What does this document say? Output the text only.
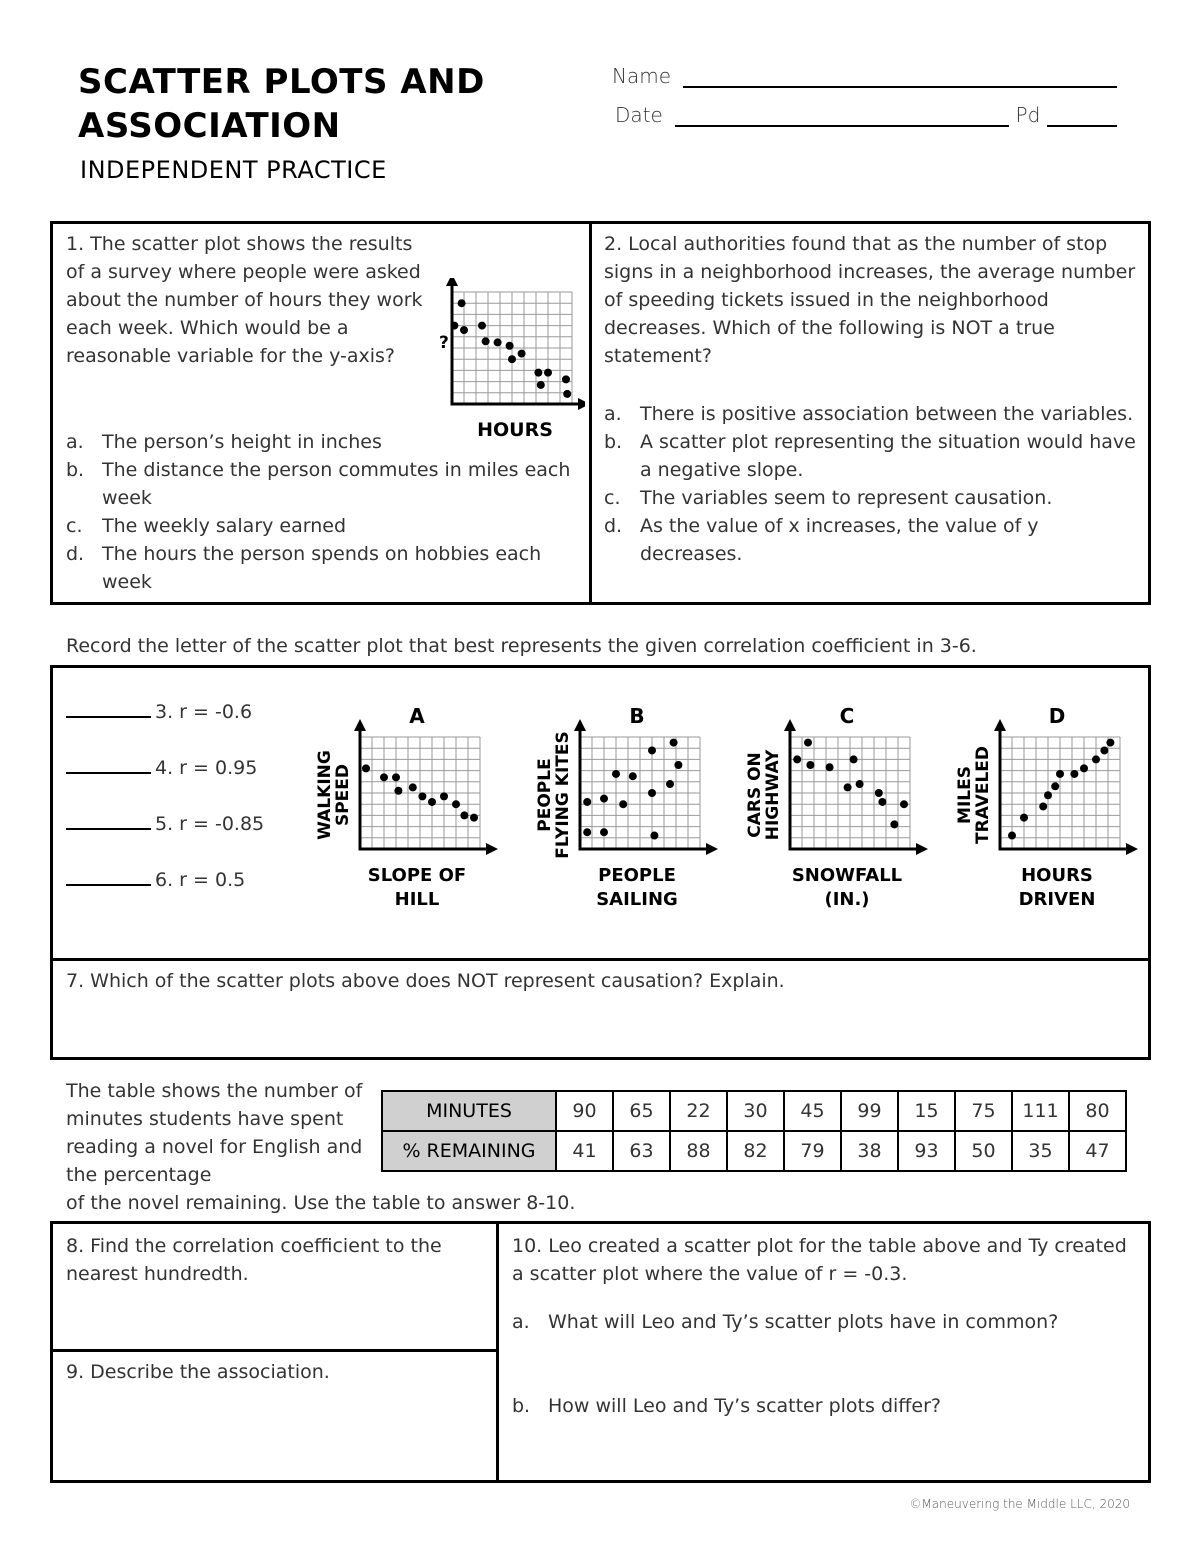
SCATTER PLOTS AND
ASSOCIATION
INDEPENDENT PRACTICE
Name
Date	Pd
1. The scatter plot shows the results of a survey where people were asked about the number of hours they work each week. Which would be a reasonable variable for the y-axis?
?
HOURS
a. The person’s height in inches
b. The distance the person commutes in miles each week
c.	The weekly salary earned
d. The hours the person spends on hobbies each week
2. Local authorities found that as the number of stop signs in a neighborhood increases, the average number of speeding tickets issued in the neighborhood decreases. Which of the following is NOT a true statement?
a. There is positive association between the variables.
b. A scatter plot representing the situation would have a negative slope.
c.	The variables seem to represent causation.
d. As the value of x increases, the value of y decreases.
Record the letter of the scatter plot that best represents the given correlation coefficient in 3-6.
3. r = -0.6
4. r = 0.95
5. r = -0.85
6. r = 0.5
A
WALKING
SPEED
SLOPE OF
HILL
B
PEOPLE
FLYING KITES
PEOPLE
SAILING
C
CARS ON
HIGHWAY
SNOWFALL
(IN.)
D
MILES
TRAVELED
HOURS
DRIVEN
7. Which of the scatter plots above does NOT represent causation? Explain.
The table shows the number of minutes students have spent reading a novel for English and the percentage
of the novel remaining. Use the table to answer 8-10.
MINUTES	90	65	22	30	45	99	15	75	111	80
% REMAINING	41	63	88	82	79	38	93	50	35	47
8. Find the correlation coefficient to the nearest hundredth.
9. Describe the association.
10. Leo created a scatter plot for the table above and Ty created a scatter plot where the value of r = -0.3.
a. What will Leo and Ty’s scatter plots have in common?
b. How will Leo and Ty’s scatter plots differ?
©Maneuvering the Middle LLC, 2020
